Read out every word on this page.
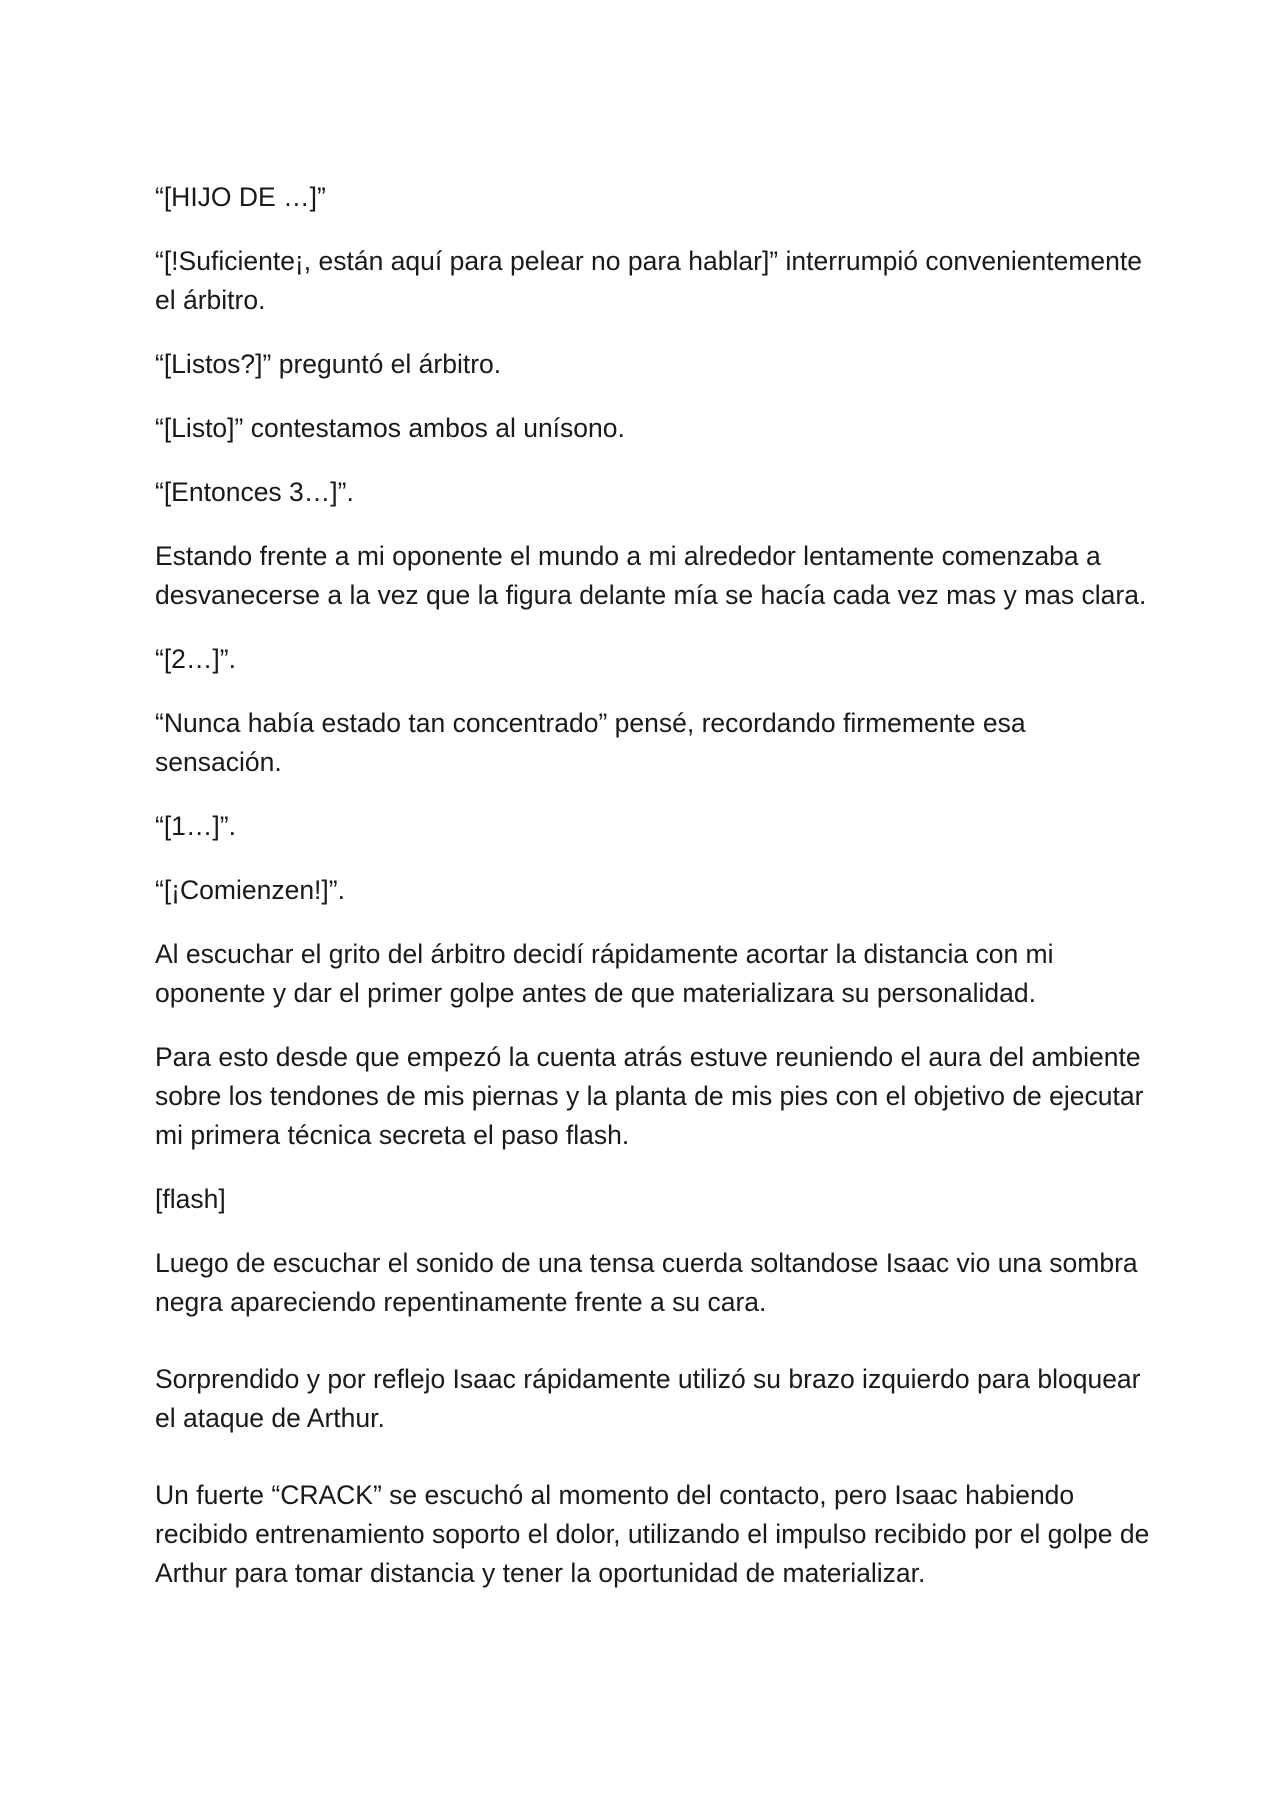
“[HIJO DE …]”

“[!Suficiente¡, están aquí para pelear no para hablar]” interrumpió convenientemente el árbitro.

“[Listos?]” preguntó el árbitro.

“[Listo]” contestamos ambos al unísono.

“[Entonces 3…]”.

Estando frente a mi oponente el mundo a mi alrededor lentamente comenzaba a desvanecerse a la vez que la figura delante mía se hacía cada vez mas y mas clara.

“[2…]”.

“Nunca había estado tan concentrado” pensé, recordando firmemente esa sensación.

“[1…]”.

“[¡Comienzen!]”.

Al escuchar el grito del árbitro decidí rápidamente acortar la distancia con mi oponente y dar el primer golpe antes de que materializara su personalidad.

Para esto desde que empezó la cuenta atrás estuve reuniendo el aura del ambiente sobre los tendones de mis piernas y la planta de mis pies con el objetivo de ejecutar mi primera técnica secreta el paso flash.

[flash]

Luego de escuchar el sonido de una tensa cuerda soltandose Isaac vio una sombra negra apareciendo repentinamente frente a su cara.

Sorprendido y por reflejo Isaac rápidamente utilizó su brazo izquierdo para bloquear el ataque de Arthur.

Un fuerte “CRACK” se escuchó al momento del contacto, pero Isaac habiendo recibido entrenamiento soporto el dolor, utilizando el impulso recibido por el golpe de Arthur para tomar distancia y tener la oportunidad de materializar.
